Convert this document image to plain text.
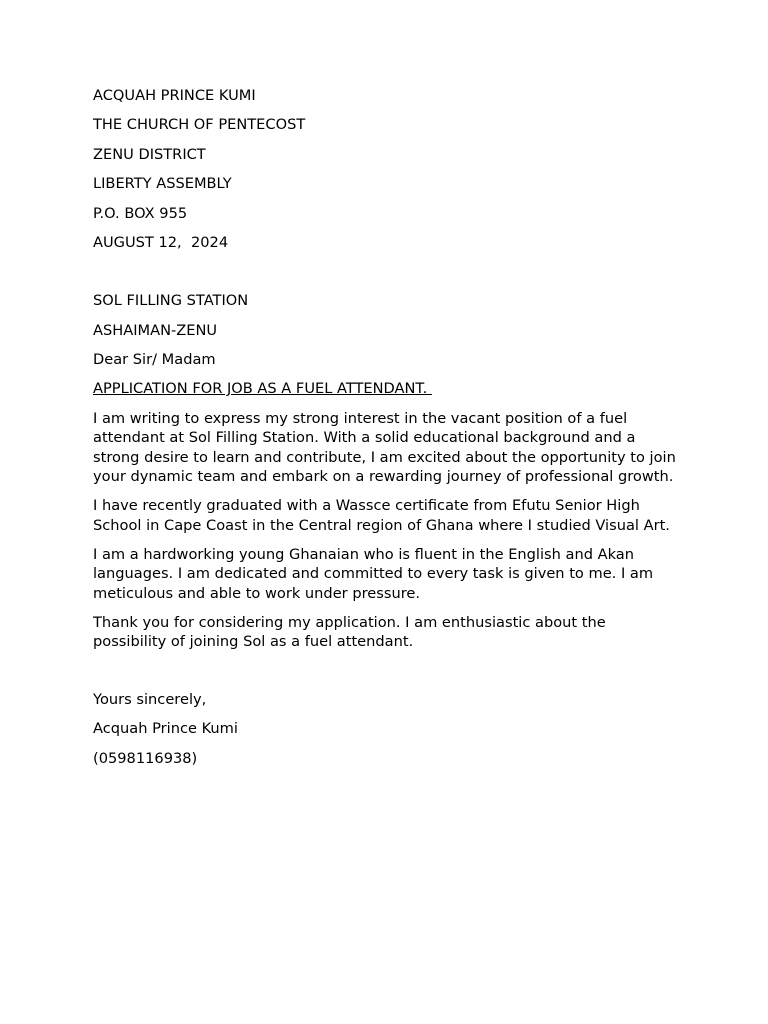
ACQUAH PRINCE KUMI
THE CHURCH OF PENTECOST
ZENU DISTRICT
LIBERTY ASSEMBLY
P.O. BOX 955
AUGUST 12,  2024
SOL FILLING STATION
ASHAIMAN-ZENU
Dear Sir/ Madam
APPLICATION FOR JOB AS A FUEL ATTENDANT.

I am writing to express my strong interest in the vacant position of a fuel attendant at Sol Filling Station. With a solid educational background and a strong desire to learn and contribute, I am excited about the opportunity to join your dynamic team and embark on a rewarding journey of professional growth.

I have recently graduated with a Wassce certificate from Efutu Senior High School in Cape Coast in the Central region of Ghana where I studied Visual Art.

I am a hardworking young Ghanaian who is fluent in the English and Akan languages. I am dedicated and committed to every task is given to me. I am meticulous and able to work under pressure.

Thank you for considering my application. I am enthusiastic about the possibility of joining Sol as a fuel attendant.

Yours sincerely,
Acquah Prince Kumi
(0598116938)
